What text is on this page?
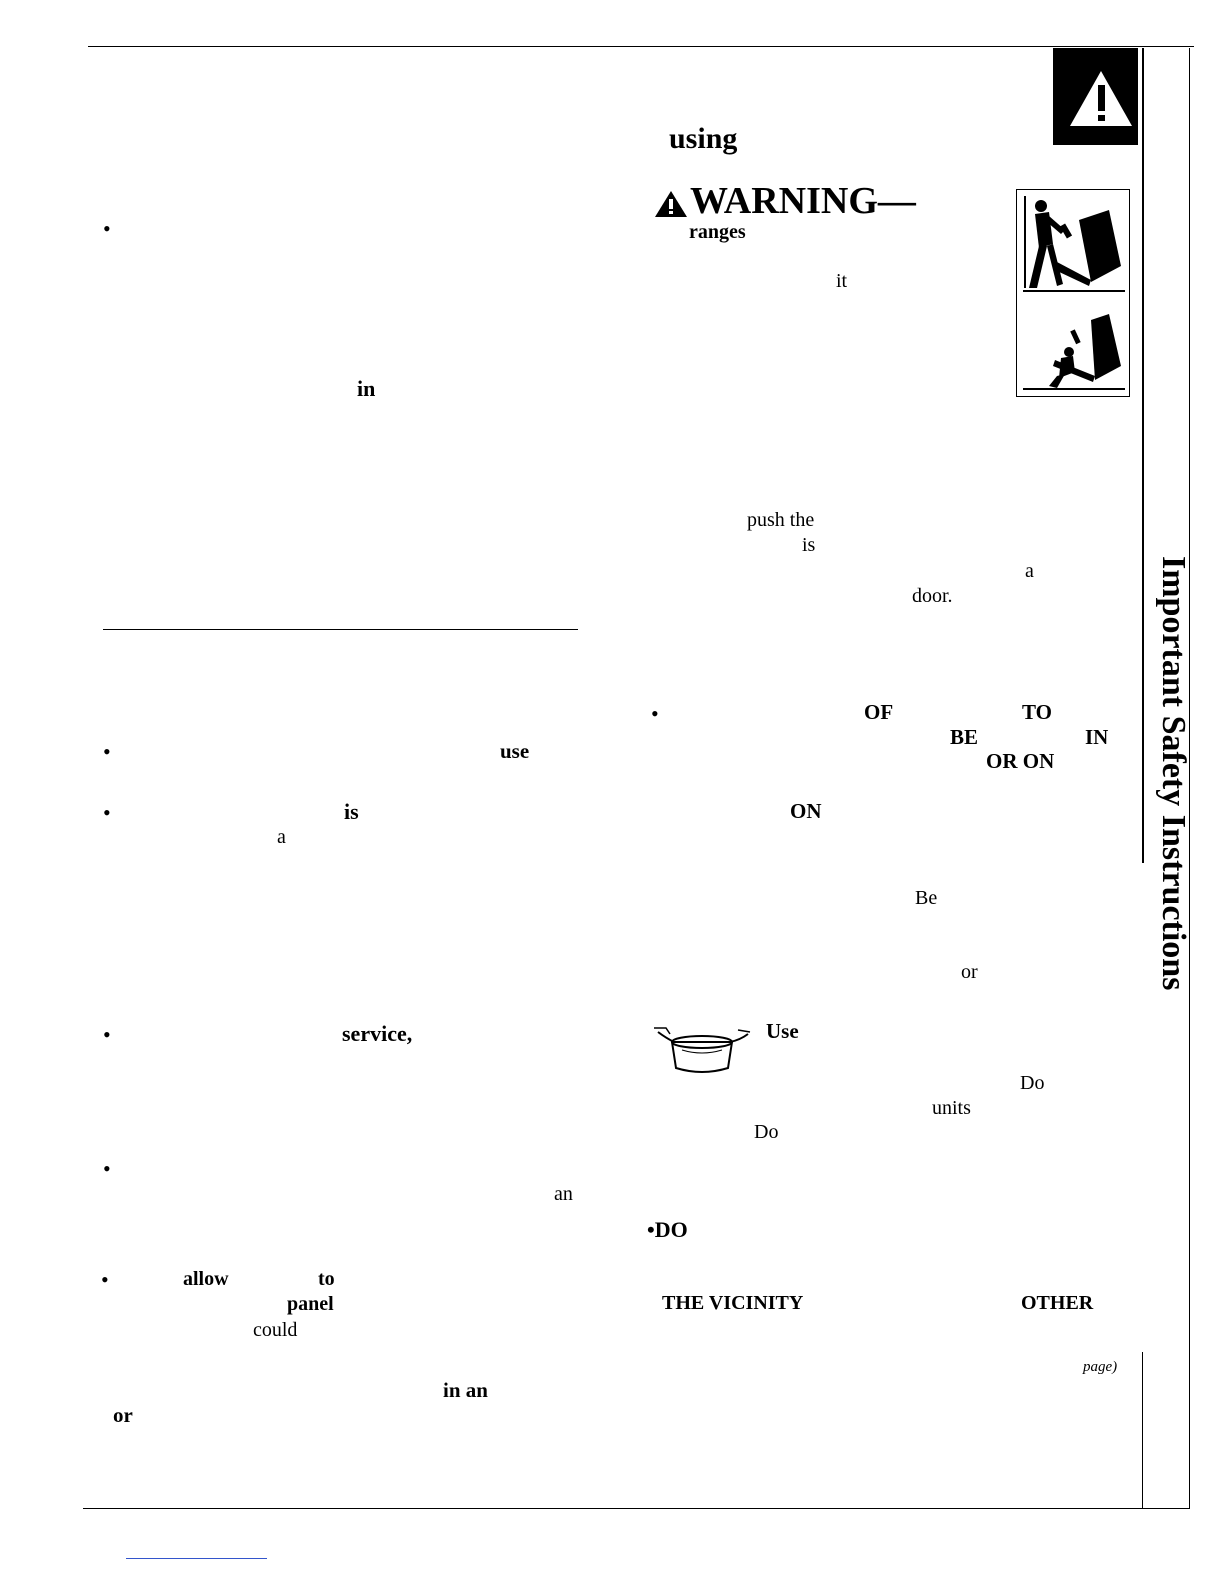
Important Safety Instructions
•
in
•	use
•	is
a
•	service,
•
an
•	allow	to
panel
could
in an
or
using
WARNING—
ranges
it
push the
is
a
door.
•	OF	TO
BE	IN
OR ON
ON
Be
or
Use
Do
units
Do
•DO
THE VICINITY	OTHER
page)
